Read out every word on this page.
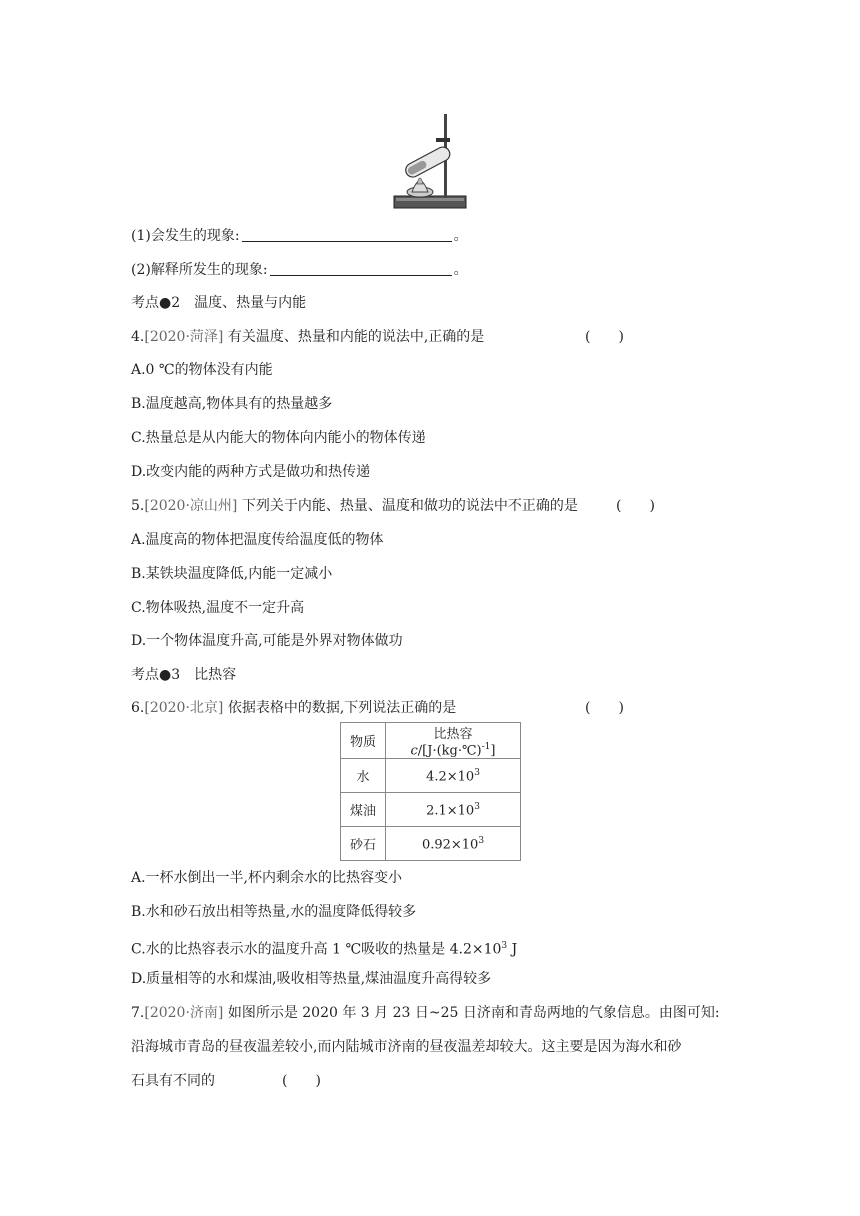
(1)会发生的现象:	。
(2)解释所发生的现象:	。
考点●2　温度、热量与内能
4.[2020·菏泽] 有关温度、热量和内能的说法中,正确的是	(　　)
A.0 ℃的物体没有内能
B.温度越高,物体具有的热量越多
C.热量总是从内能大的物体向内能小的物体传递
D.改变内能的两种方式是做功和热传递
5.[2020·凉山州] 下列关于内能、热量、温度和做功的说法中不正确的是	(　　)
A.温度高的物体把温度传给温度低的物体
B.某铁块温度降低,内能一定减小
C.物体吸热,温度不一定升高
D.一个物体温度升高,可能是外界对物体做功
考点●3　比热容
6.[2020·北京] 依据表格中的数据,下列说法正确的是	(　　)
物质	比热容 c/[J·(kg·℃)$^{-1}$]
水	$4.2\times 10^3$
煤油	$2.1\times 10^3$
砂石	$0.92\times 10^3$
A.一杯水倒出一半,杯内剩余水的比热容变小
B.水和砂石放出相等热量,水的温度降低得较多
C.水的比热容表示水的温度升高 1 ℃吸收的热量是 $4.2\times 10^3$ J
D.质量相等的水和煤油,吸收相等热量,煤油温度升高得较多
7.[2020·济南] 如图所示是 2020 年 3 月 23 日~25 日济南和青岛两地的气象信息。由图可知:
沿海城市青岛的昼夜温差较小,而内陆城市济南的昼夜温差却较大。这主要是因为海水和砂
石具有不同的	(　　)
